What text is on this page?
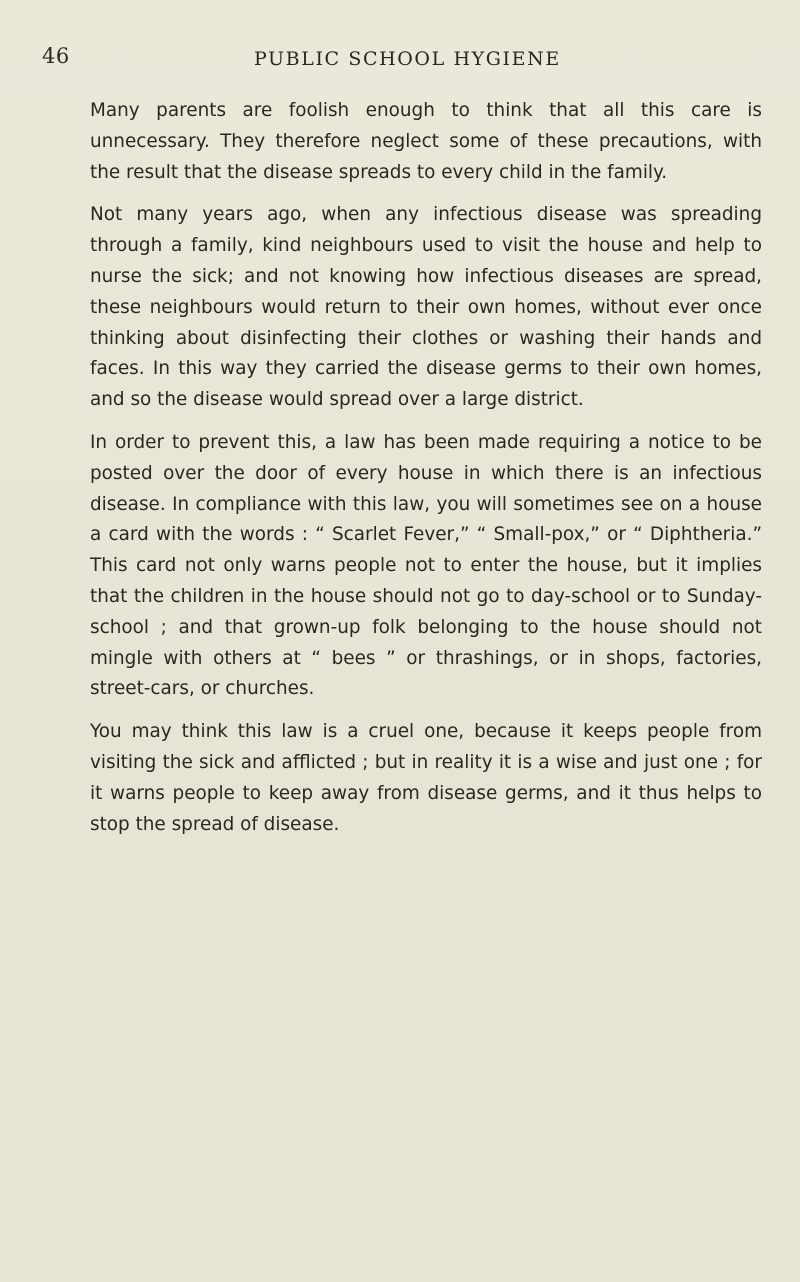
46	PUBLIC SCHOOL HYGIENE

Many parents are foolish enough to think that all this care is unnecessary. They therefore neglect some of these precautions, with the result that the disease spreads to every child in the family.

Not many years ago, when any infectious disease was spreading through a family, kind neighbours used to visit the house and help to nurse the sick; and not knowing how infectious diseases are spread, these neighbours would return to their own homes, without ever once thinking about disinfecting their clothes or washing their hands and faces. In this way they carried the disease germs to their own homes, and so the disease would spread over a large district.

In order to prevent this, a law has been made requiring a notice to be posted over the door of every house in which there is an infectious disease. In compliance with this law, you will sometimes see on a house a card with the words : “ Scarlet Fever,” “ Small-pox,” or “ Diphtheria.” This card not only warns people not to enter the house, but it implies that the children in the house should not go to day-school or to Sunday-school ; and that grown-up folk belonging to the house should not mingle with others at “ bees ” or thrashings, or in shops, factories, street-cars, or churches.

You may think this law is a cruel one, because it keeps people from visiting the sick and afflicted ; but in reality it is a wise and just one ; for it warns people to keep away from disease germs, and it thus helps to stop the spread of disease.
